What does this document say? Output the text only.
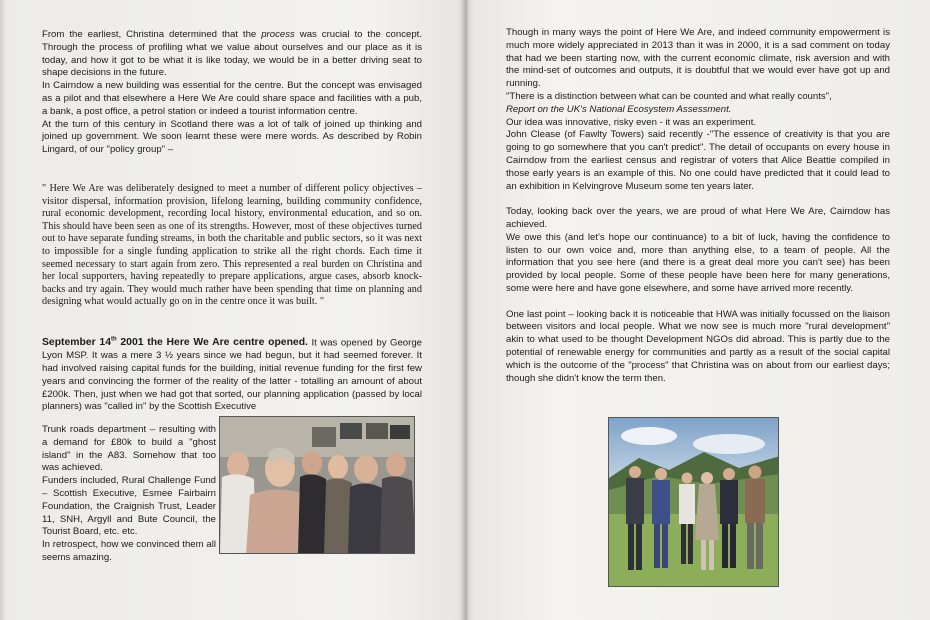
From the earliest, Christina determined that the process was crucial to the concept. Through the process of profiling what we value about ourselves and our place as it is today, and how it got to be what it is like today, we would be in a better driving seat to shape decisions in the future.

In Cairndow a new building was essential for the centre. But the concept was envisaged as a pilot and that elsewhere a Here We Are could share space and facilities with a pub, a bank, a post office, a petrol station or indeed a tourist information centre.

At the turn of this century in Scotland there was a lot of talk of joined up thinking and joined up government. We soon learnt these were mere words. As described by Robin Lingard, of our "policy group" –

" Here We Are was deliberately designed to meet a number of different policy objectives – visitor dispersal, information provision, lifelong learning, building community confidence, rural economic development, recording local history, environmental education, and so on. This should have been seen as one of its strengths. However, most of these objectives turned out to have separate funding streams, in both the charitable and public sectors, so it was next to impossible for a single funding application to strike all the right chords. Each time it seemed necessary to start again from zero. This represented a real burden on Christina and her local supporters, having repeatedly to prepare applications, argue cases, absorb knock-backs and try again. They would much rather have been spending that time on planning and designing what would actually go on in the centre once it was built. "

September 14th 2001 the Here We Are centre opened. It was opened by George Lyon MSP. It was a mere 3 ½ years since we had begun, but it had seemed forever. It had involved raising capital funds for the building, initial revenue funding for the first few years and convincing the former of the reality of the latter - totalling an amount of about £200k. Then, just when we had got that sorted, our planning application (passed by local planners) was "called in" by the Scottish Executive

Trunk roads department – resulting with a demand for £80k to build a "ghost island" in the A83. Somehow that too was achieved.

Funders included, Rural Challenge Fund – Scottish Executive, Esmee Fairbairn Foundation, the Craignish Trust, Leader 11, SNH, Argyll and Bute Council, the Tourist Board, etc. etc.

In retrospect, how we convinced them all seems amazing.

Though in many ways the point of Here We Are, and indeed community empowerment is much more widely appreciated in 2013 than it was in 2000, it is a sad comment on today that had we been starting now, with the current economic climate, risk aversion and with the mind-set of outcomes and outputs, it is doubtful that we would ever have got up and running.

"There is a distinction between what can be counted and what really counts",
Report on the UK's National Ecosystem Assessment.

Our idea was innovative, risky even - it was an experiment.

John Clease (of Fawlty Towers) said recently -"The essence of creativity is that you are going to go somewhere that you can't predict". The detail of occupants on every house in Cairndow from the earliest census and registrar of voters that Alice Beattie compiled in those early years is an example of this. No one could have predicted that it could lead to an exhibition in Kelvingrove Museum some ten years later.

Today, looking back over the years, we are proud of what Here We Are, Cairndow has achieved.

We owe this (and let's hope our continuance) to a bit of luck, having the confidence to listen to our own voice and, more than anything else, to a team of people. All the information that you see here (and there is a great deal more you can't see) has been provided by local people. Some of these people have been here for many generations, some were here and have gone elsewhere, and some have arrived more recently.

One last point – looking back it is noticeable that HWA was initially focussed on the liaison between visitors and local people. What we now see is much more "rural development" akin to what used to be thought Development NGOs did abroad. This is partly due to the potential of renewable energy for communities and partly as a result of the social capital which is the outcome of the "process" that Christina was on about from our earliest days; though she didn't know the term then.
